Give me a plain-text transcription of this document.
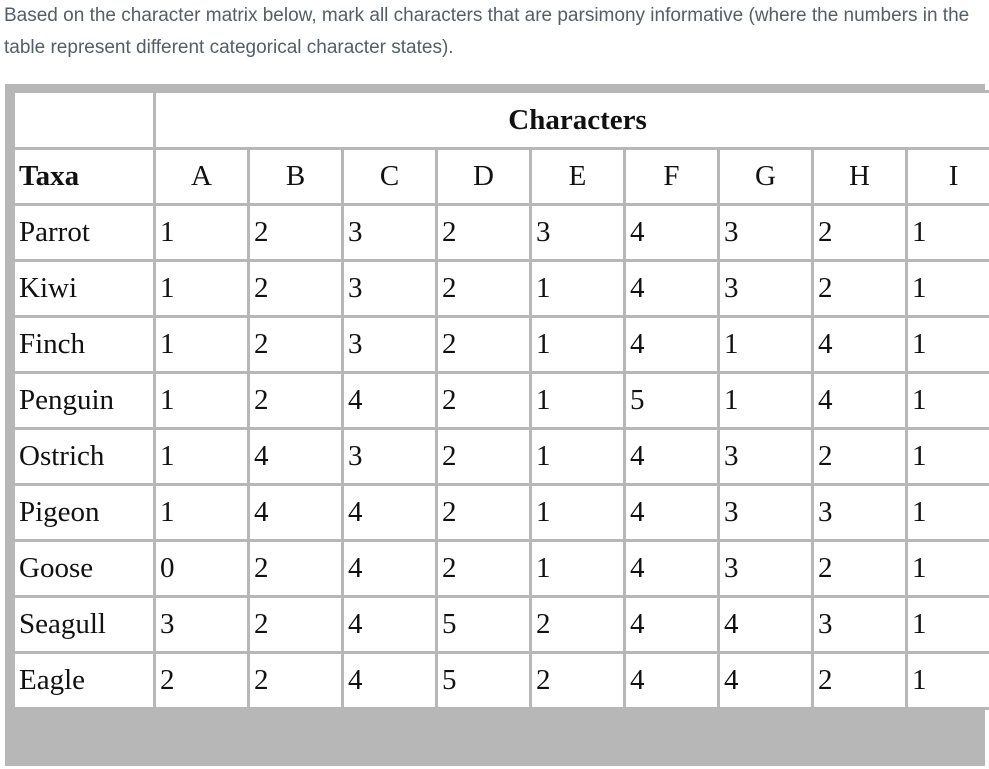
Based on the character matrix below, mark all characters that are parsimony informative (where the numbers in the table represent different categorical character states).
	Characters								
Taxa	A	B	C	D	E	F	G	H	I
Parrot	1	2	3	2	3	4	3	2	1
Kiwi	1	2	3	2	1	4	3	2	1
Finch	1	2	3	2	1	4	1	4	1
Penguin	1	2	4	2	1	5	1	4	1
Ostrich	1	4	3	2	1	4	3	2	1
Pigeon	1	4	4	2	1	4	3	3	1
Goose	0	2	4	2	1	4	3	2	1
Seagull	3	2	4	5	2	4	4	3	1
Eagle	2	2	4	5	2	4	4	2	1
